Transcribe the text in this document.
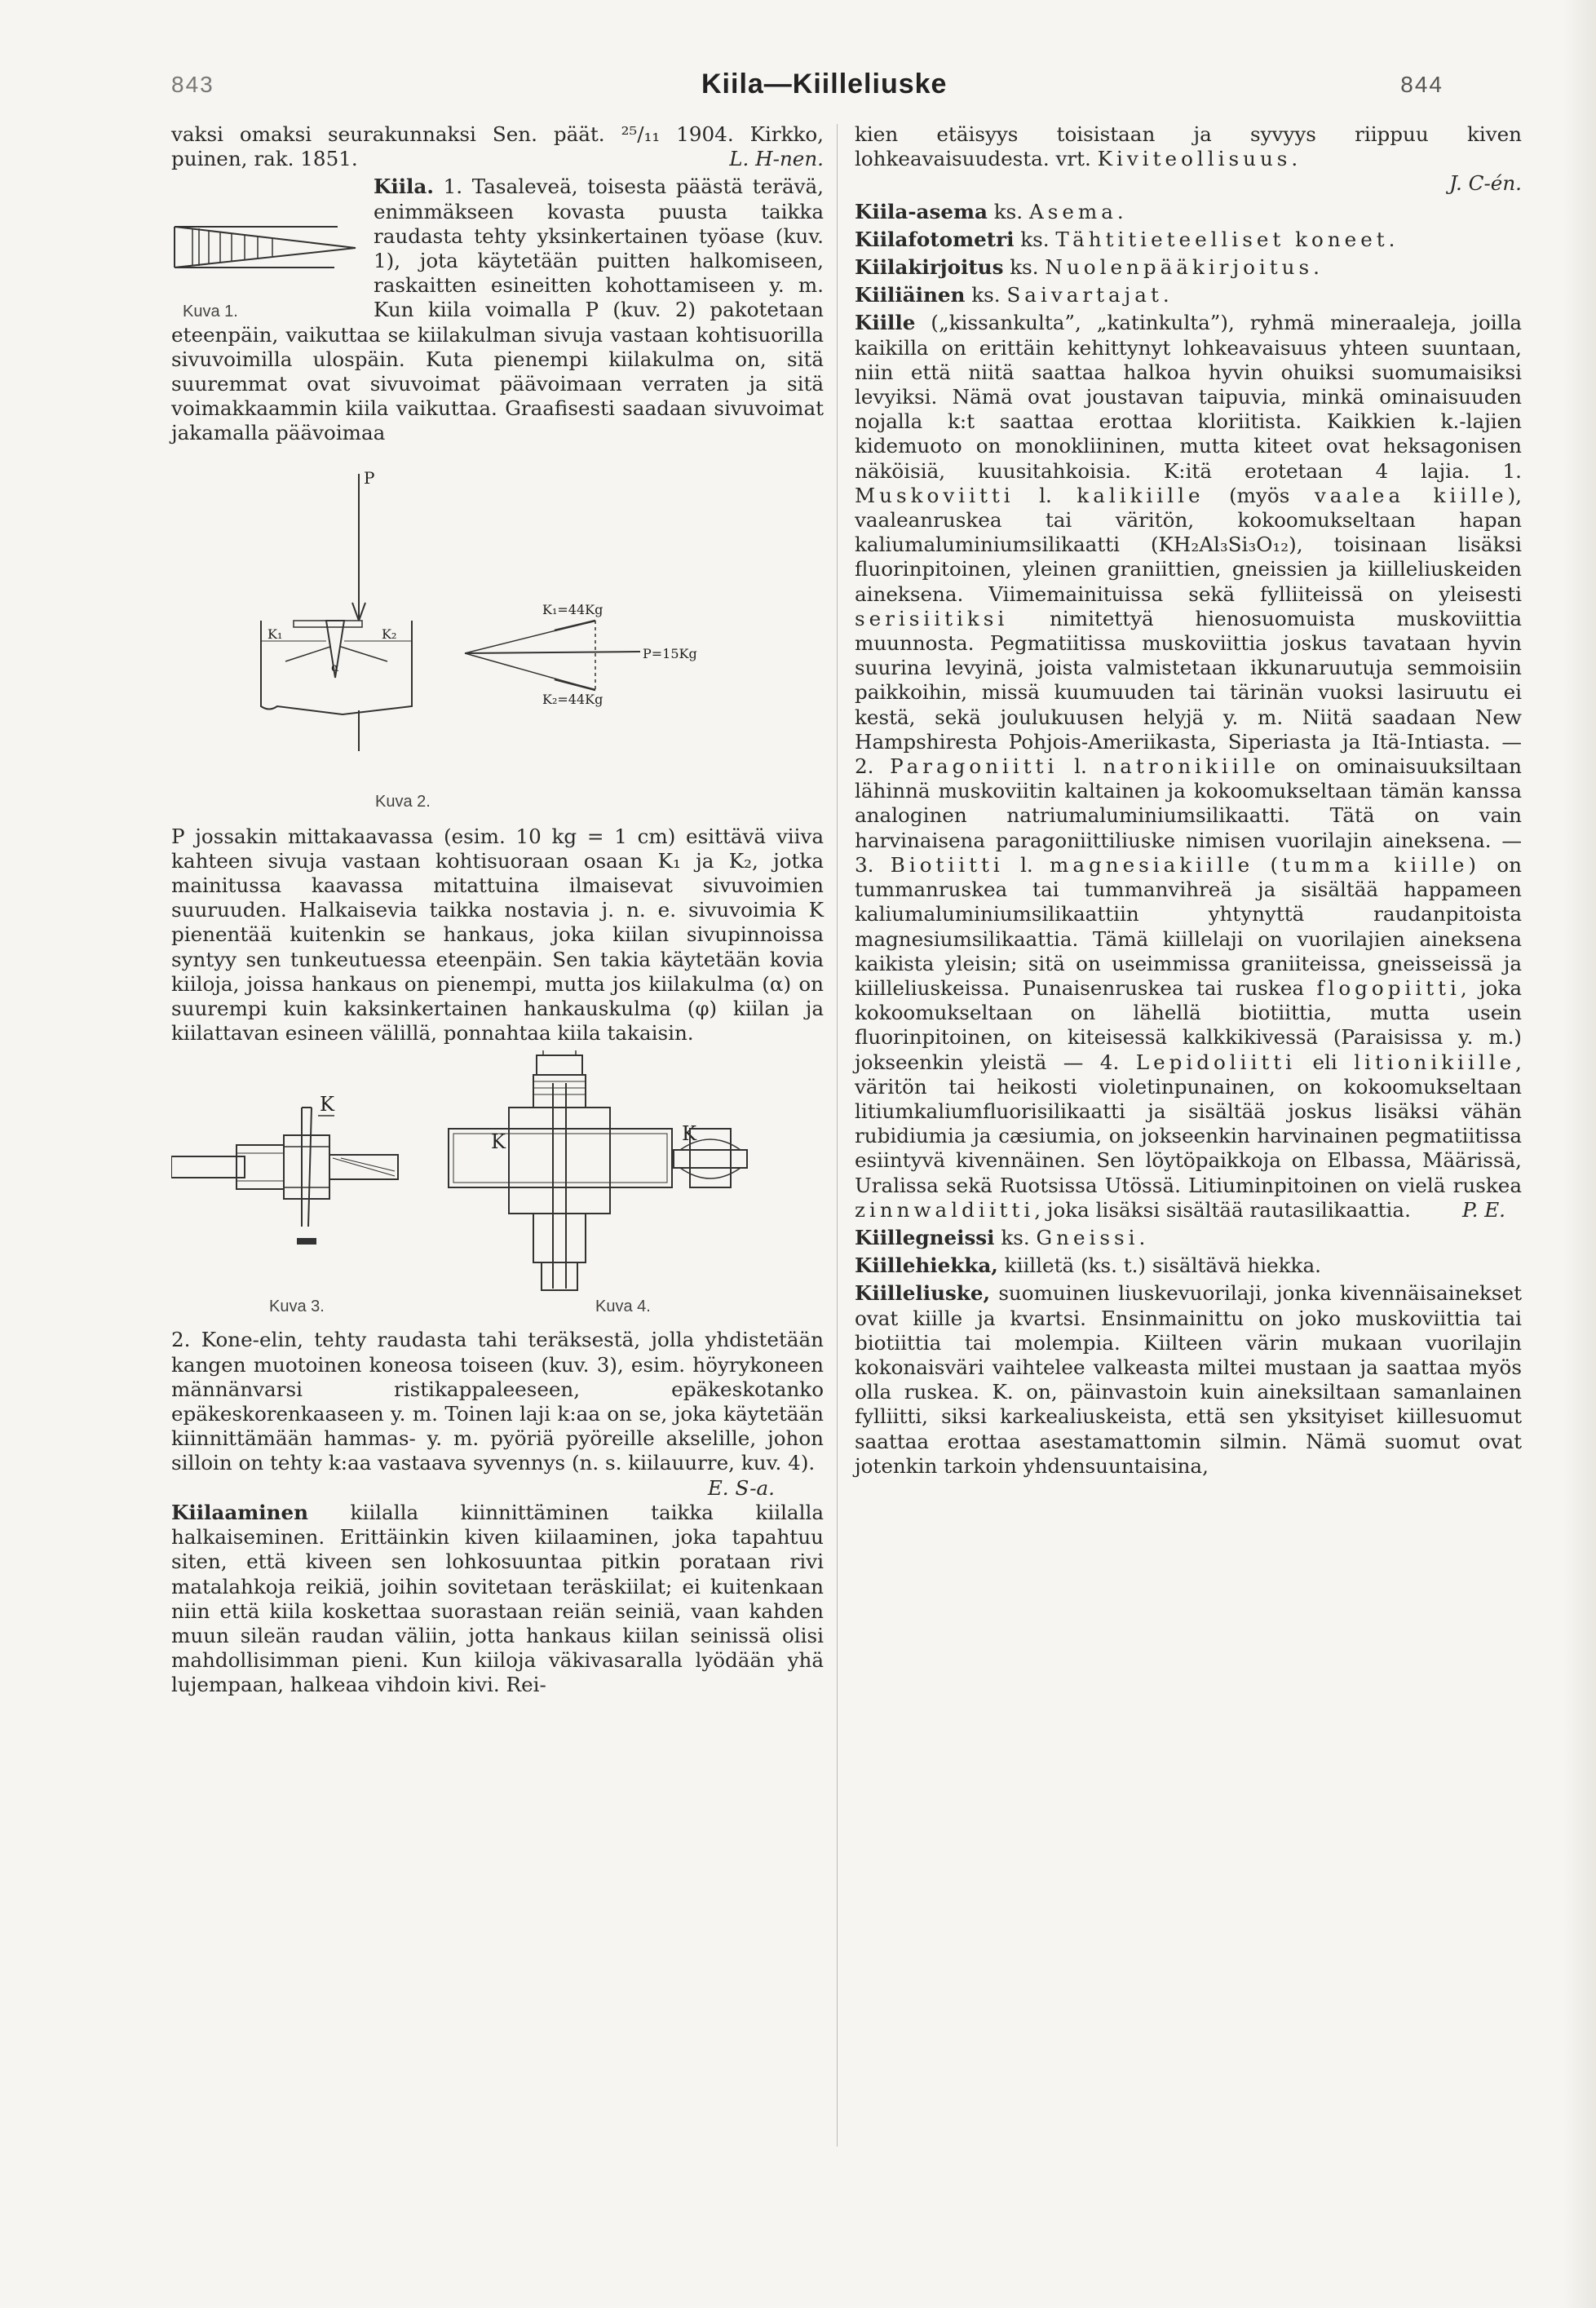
843	Kiila—Kiilleliuske	844

vaksi omaksi seurakunnaksi Sen. päät. ²⁵/₁₁ 1904. Kirkko, puinen, rak. 1851.	L. H-nen.

Kuva 1.
Kiila. 1. Tasaleveä, toisesta päästä terävä, enimmäkseen kovasta puusta taikka raudasta tehty yksinkertainen työase (kuv. 1), jota käytetään puitten halkomiseen, raskaitten esineitten kohottamiseen y. m. Kun kiila voimalla P (kuv. 2) pakotetaan eteenpäin, vaikuttaa se kiilakulman sivuja vastaan kohtisuorilla sivuvoimilla ulospäin. Kuta pienempi kiilakulma on, sitä suuremmat ovat sivuvoimat päävoimaan verraten ja sitä voimakkaammin kiila vaikuttaa. Graafisesti saadaan sivuvoimat jakamalla päävoimaa

P
K₁	K₂
α
K₁=44Kg
P=15Kg
K₂=44Kg
Kuva 2.

P jossakin mittakaavassa (esim. 10 kg = 1 cm) esittävä viiva kahteen sivuja vastaan kohtisuoraan osaan K₁ ja K₂, jotka mainitussa kaavassa mitattuina ilmaisevat sivuvoimien suuruuden. Halkaisevia taikka nostavia j. n. e. sivuvoimia K pienentää kuitenkin se hankaus, joka kiilan sivupinnoissa syntyy sen tunkeutuessa eteenpäin. Sen takia käytetään kovia kiiloja, joissa hankaus on pienempi, mutta jos kiilakulma (α) on suurempi kuin kaksinkertainen hankauskulma (φ) kiilan ja kiilattavan esineen välillä, ponnahtaa kiila takaisin.

K
Kuva 3.
K	K
Kuva 4.

2. Kone-elin, tehty raudasta tahi teräksestä, jolla yhdistetään kangen muotoinen koneosa toiseen (kuv. 3), esim. höyrykoneen männänvarsi ristikappaleeseen, epäkeskotanko epäkeskorenkaaseen y. m. Toinen laji k:aa on se, joka käytetään kiinnittämään hammas- y. m. pyöriä pyöreille akselille, johon silloin on tehty k:aa vastaava syvennys (n. s. kiilauurre, kuv. 4).
E. S-a.

Kiilaaminen kiilalla kiinnittäminen taikka kiilalla halkaiseminen. Erittäinkin kiven kiilaaminen, joka tapahtuu siten, että kiveen sen lohkosuuntaa pitkin porataan rivi matalahkoja reikiä, joihin sovitetaan teräskiilat; ei kuitenkaan niin että kiila koskettaa suorastaan reiän seiniä, vaan kahden muun sileän raudan väliin, jotta hankaus kiilan seinissä olisi mahdollisimman pieni. Kun kiiloja väkivasaralla lyödään yhä lujempaan, halkeaa vihdoin kivi. Rei-

kien etäisyys toisistaan ja syvyys riippuu kiven lohkeavaisuudesta. vrt. Kiviteollisuus.

J. C-én.

Kiila-asema ks. Asema.

Kiilafotometri ks. Tähtitieteelliset koneet.

Kiilakirjoitus ks. Nuolenpääkirjoitus.

Kiiliäinen ks. Saivartajat.

Kiille („kissankulta”, „katinkulta”), ryhmä mineraaleja, joilla kaikilla on erittäin kehittynyt lohkeavaisuus yhteen suuntaan, niin että niitä saattaa halkoa hyvin ohuiksi suomumaisiksi levyiksi. Nämä ovat joustavan taipuvia, minkä ominaisuuden nojalla k:t saattaa erottaa kloriitista. Kaikkien k.-lajien kidemuoto on monokliininen, mutta kiteet ovat heksagonisen näköisiä, kuusitahkoisia. K:itä erotetaan 4 lajia. 1. Muskoviitti l. kalikiille (myös vaalea kiille), vaaleanruskea tai väritön, kokoomukseltaan hapan kaliumaluminiumsilikaatti (KH₂Al₃Si₃O₁₂), toisinaan lisäksi fluorinpitoinen, yleinen graniittien, gneissien ja kiilleliuskeiden aineksena. Viimemainituissa sekä fylliiteissä on yleisesti serisiitiksi nimitettyä hienosuomuista muskoviittia muunnosta. Pegmatiitissa muskoviittia joskus tavataan hyvin suurina levyinä, joista valmistetaan ikkunaruutuja semmoisiin paikkoihin, missä kuumuuden tai tärinän vuoksi lasiruutu ei kestä, sekä joulukuusen helyjä y. m. Niitä saadaan New Hampshiresta Pohjois-Ameriikasta, Siperiasta ja Itä-Intiasta. — 2. Paragoniitti l. natronikiille on ominaisuuksiltaan lähinnä muskoviitin kaltainen ja kokoomukseltaan tämän kanssa analoginen natriumaluminiumsilikaatti. Tätä on vain harvinaisena paragoniittiliuske nimisen vuorilajin aineksena. — 3. Biotiitti l. magnesiakiille (tumma kiille) on tummanruskea tai tummanvihreä ja sisältää happameen kaliumaluminiumsilikaattiin yhtynyttä raudanpitoista magnesiumsilikaattia. Tämä kiillelaji on vuorilajien aineksena kaikista yleisin; sitä on useimmissa graniiteissa, gneisseissä ja kiilleliuskeissa. Punaisenruskea tai ruskea flogopiitti, joka kokoomukseltaan on lähellä biotiittia, mutta usein fluorinpitoinen, on kiteisessä kalkkikivessä (Paraisissa y. m.) jokseenkin yleistä — 4. Lepidoliitti eli litionikiille, väritön tai heikosti violetinpunainen, on kokoomukseltaan litiumkaliumfluorisilikaatti ja sisältää joskus lisäksi vähän rubidiumia ja cæsiumia, on jokseenkin harvinainen pegmatiitissa esiintyvä kivennäinen. Sen löytöpaikkoja on Elbassa, Määrissä, Uralissa sekä Ruotsissa Utössä. Litiuminpitoinen on vielä ruskea zinnwaldiitti, joka lisäksi sisältää rautasilikaattia.	P. E.

Kiillegneissi ks. Gneissi.

Kiillehiekka, kiilletä (ks. t.) sisältävä hiekka.

Kiilleliuske, suomuinen liuskevuorilaji, jonka kivennäisainekset ovat kiille ja kvartsi. Ensinmainittu on joko muskoviittia tai biotiittia tai molempia. Kiilteen värin mukaan vuorilajin kokonaisväri vaihtelee valkeasta miltei mustaan ja saattaa myös olla ruskea. K. on, päinvastoin kuin aineksiltaan samanlainen fylliitti, siksi karkealiuskeista, että sen yksityiset kiillesuomut saattaa erottaa asestamattomin silmin. Nämä suomut ovat jotenkin tarkoin yhdensuuntaisina,
